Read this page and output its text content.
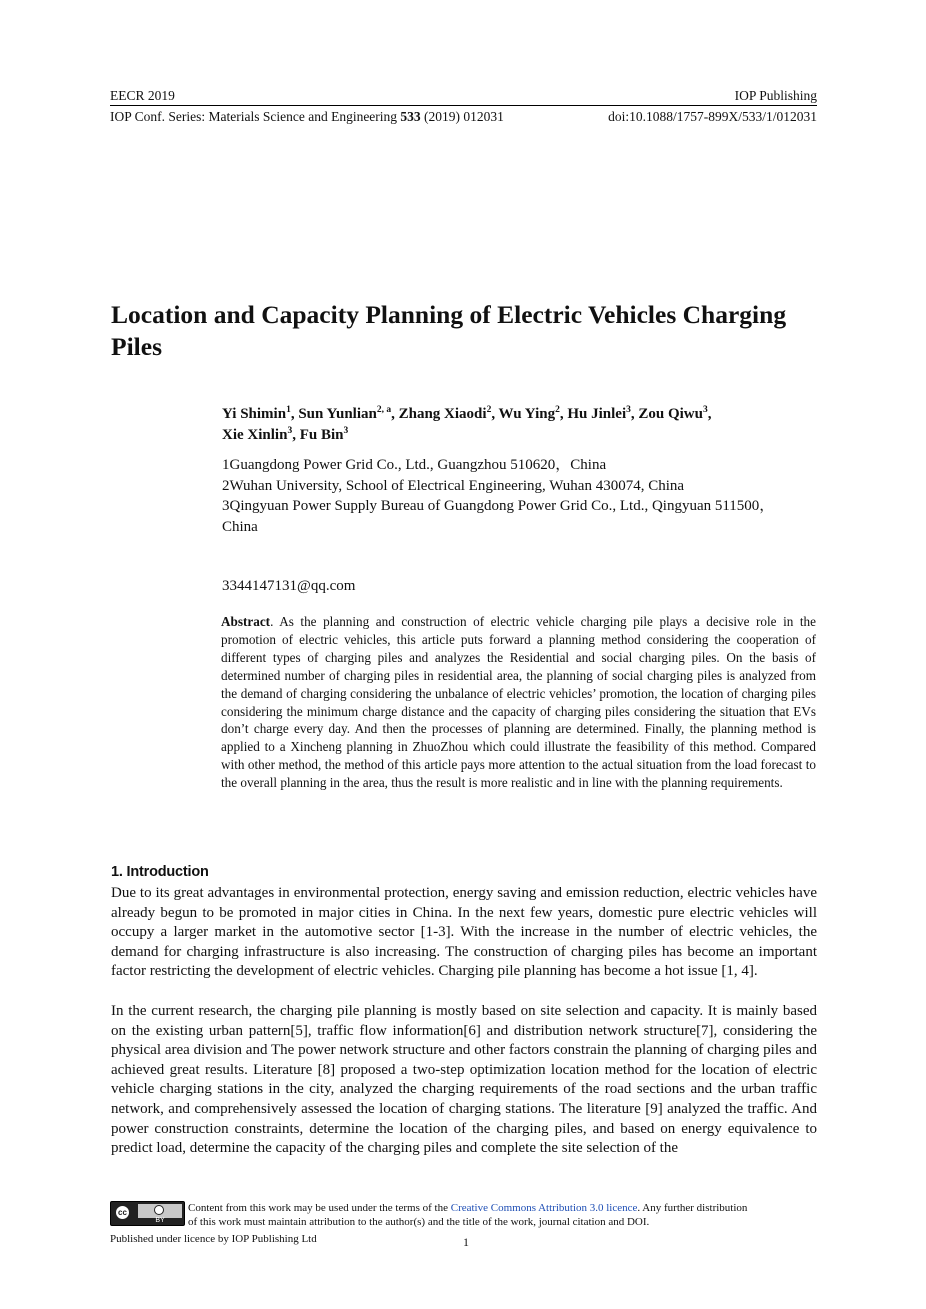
EECR 2019	IOP Publishing
IOP Conf. Series: Materials Science and Engineering 533 (2019) 012031	doi:10.1088/1757-899X/533/1/012031
Location and Capacity Planning of Electric Vehicles Charging Piles
Yi Shimin$^1$, Sun Yunlian$^{2, a}$, Zhang Xiaodi$^2$, Wu Ying$^2$, Hu Jinlei$^3$, Zou Qiwu$^3$,
Xie Xinlin$^3$, Fu Bin$^3$
1Guangdong Power Grid Co., Ltd., Guangzhou 510620，China
2Wuhan University, School of Electrical Engineering, Wuhan 430074, China
3Qingyuan Power Supply Bureau of Guangdong Power Grid Co., Ltd., Qingyuan 511500，China
3344147131@qq.com

Abstract. As the planning and construction of electric vehicle charging pile plays a decisive role in the promotion of electric vehicles, this article puts forward a planning method considering the cooperation of different types of charging piles and analyzes the Residential and social charging piles. On the basis of determined number of charging piles in residential area, the planning of social charging piles is analyzed from the demand of charging considering the unbalance of electric vehicles’ promotion, the location of charging piles considering the minimum charge distance and the capacity of charging piles considering the situation that EVs don’t charge every day. And then the processes of planning are determined. Finally, the planning method is applied to a Xincheng planning in ZhuoZhou which could illustrate the feasibility of this method. Compared with other method, the method of this article pays more attention to the actual situation from the load forecast to the overall planning in the area, thus the result is more realistic and in line with the planning requirements.

1. Introduction

Due to its great advantages in environmental protection, energy saving and emission reduction, electric vehicles have already begun to be promoted in major cities in China. In the next few years, domestic pure electric vehicles will occupy a larger market in the automotive sector [1-3]. With the increase in the number of electric vehicles, the demand for charging infrastructure is also increasing. The construction of charging piles has become an important factor restricting the development of electric vehicles. Charging pile planning has become a hot issue [1, 4].

In the current research, the charging pile planning is mostly based on site selection and capacity. It is mainly based on the existing urban pattern[5], traffic flow information[6] and distribution network structure[7], considering the physical area division and The power network structure and other factors constrain the planning of charging piles and achieved great results. Literature [8] proposed a two-step optimization location method for the location of electric vehicle charging stations in the city, analyzed the charging requirements of the road sections and the urban traffic network, and comprehensively assessed the location of charging stations. The literature [9] analyzed the traffic. And power construction constraints, determine the location of the charging piles, and based on energy equivalence to predict load, determine the capacity of the charging piles and complete the site selection of the

cc
BY
Content from this work may be used under the terms of the Creative Commons Attribution 3.0 licence. Any further distribution
of this work must maintain attribution to the author(s) and the title of the work, journal citation and DOI.
Published under licence by IOP Publishing Ltd	1
